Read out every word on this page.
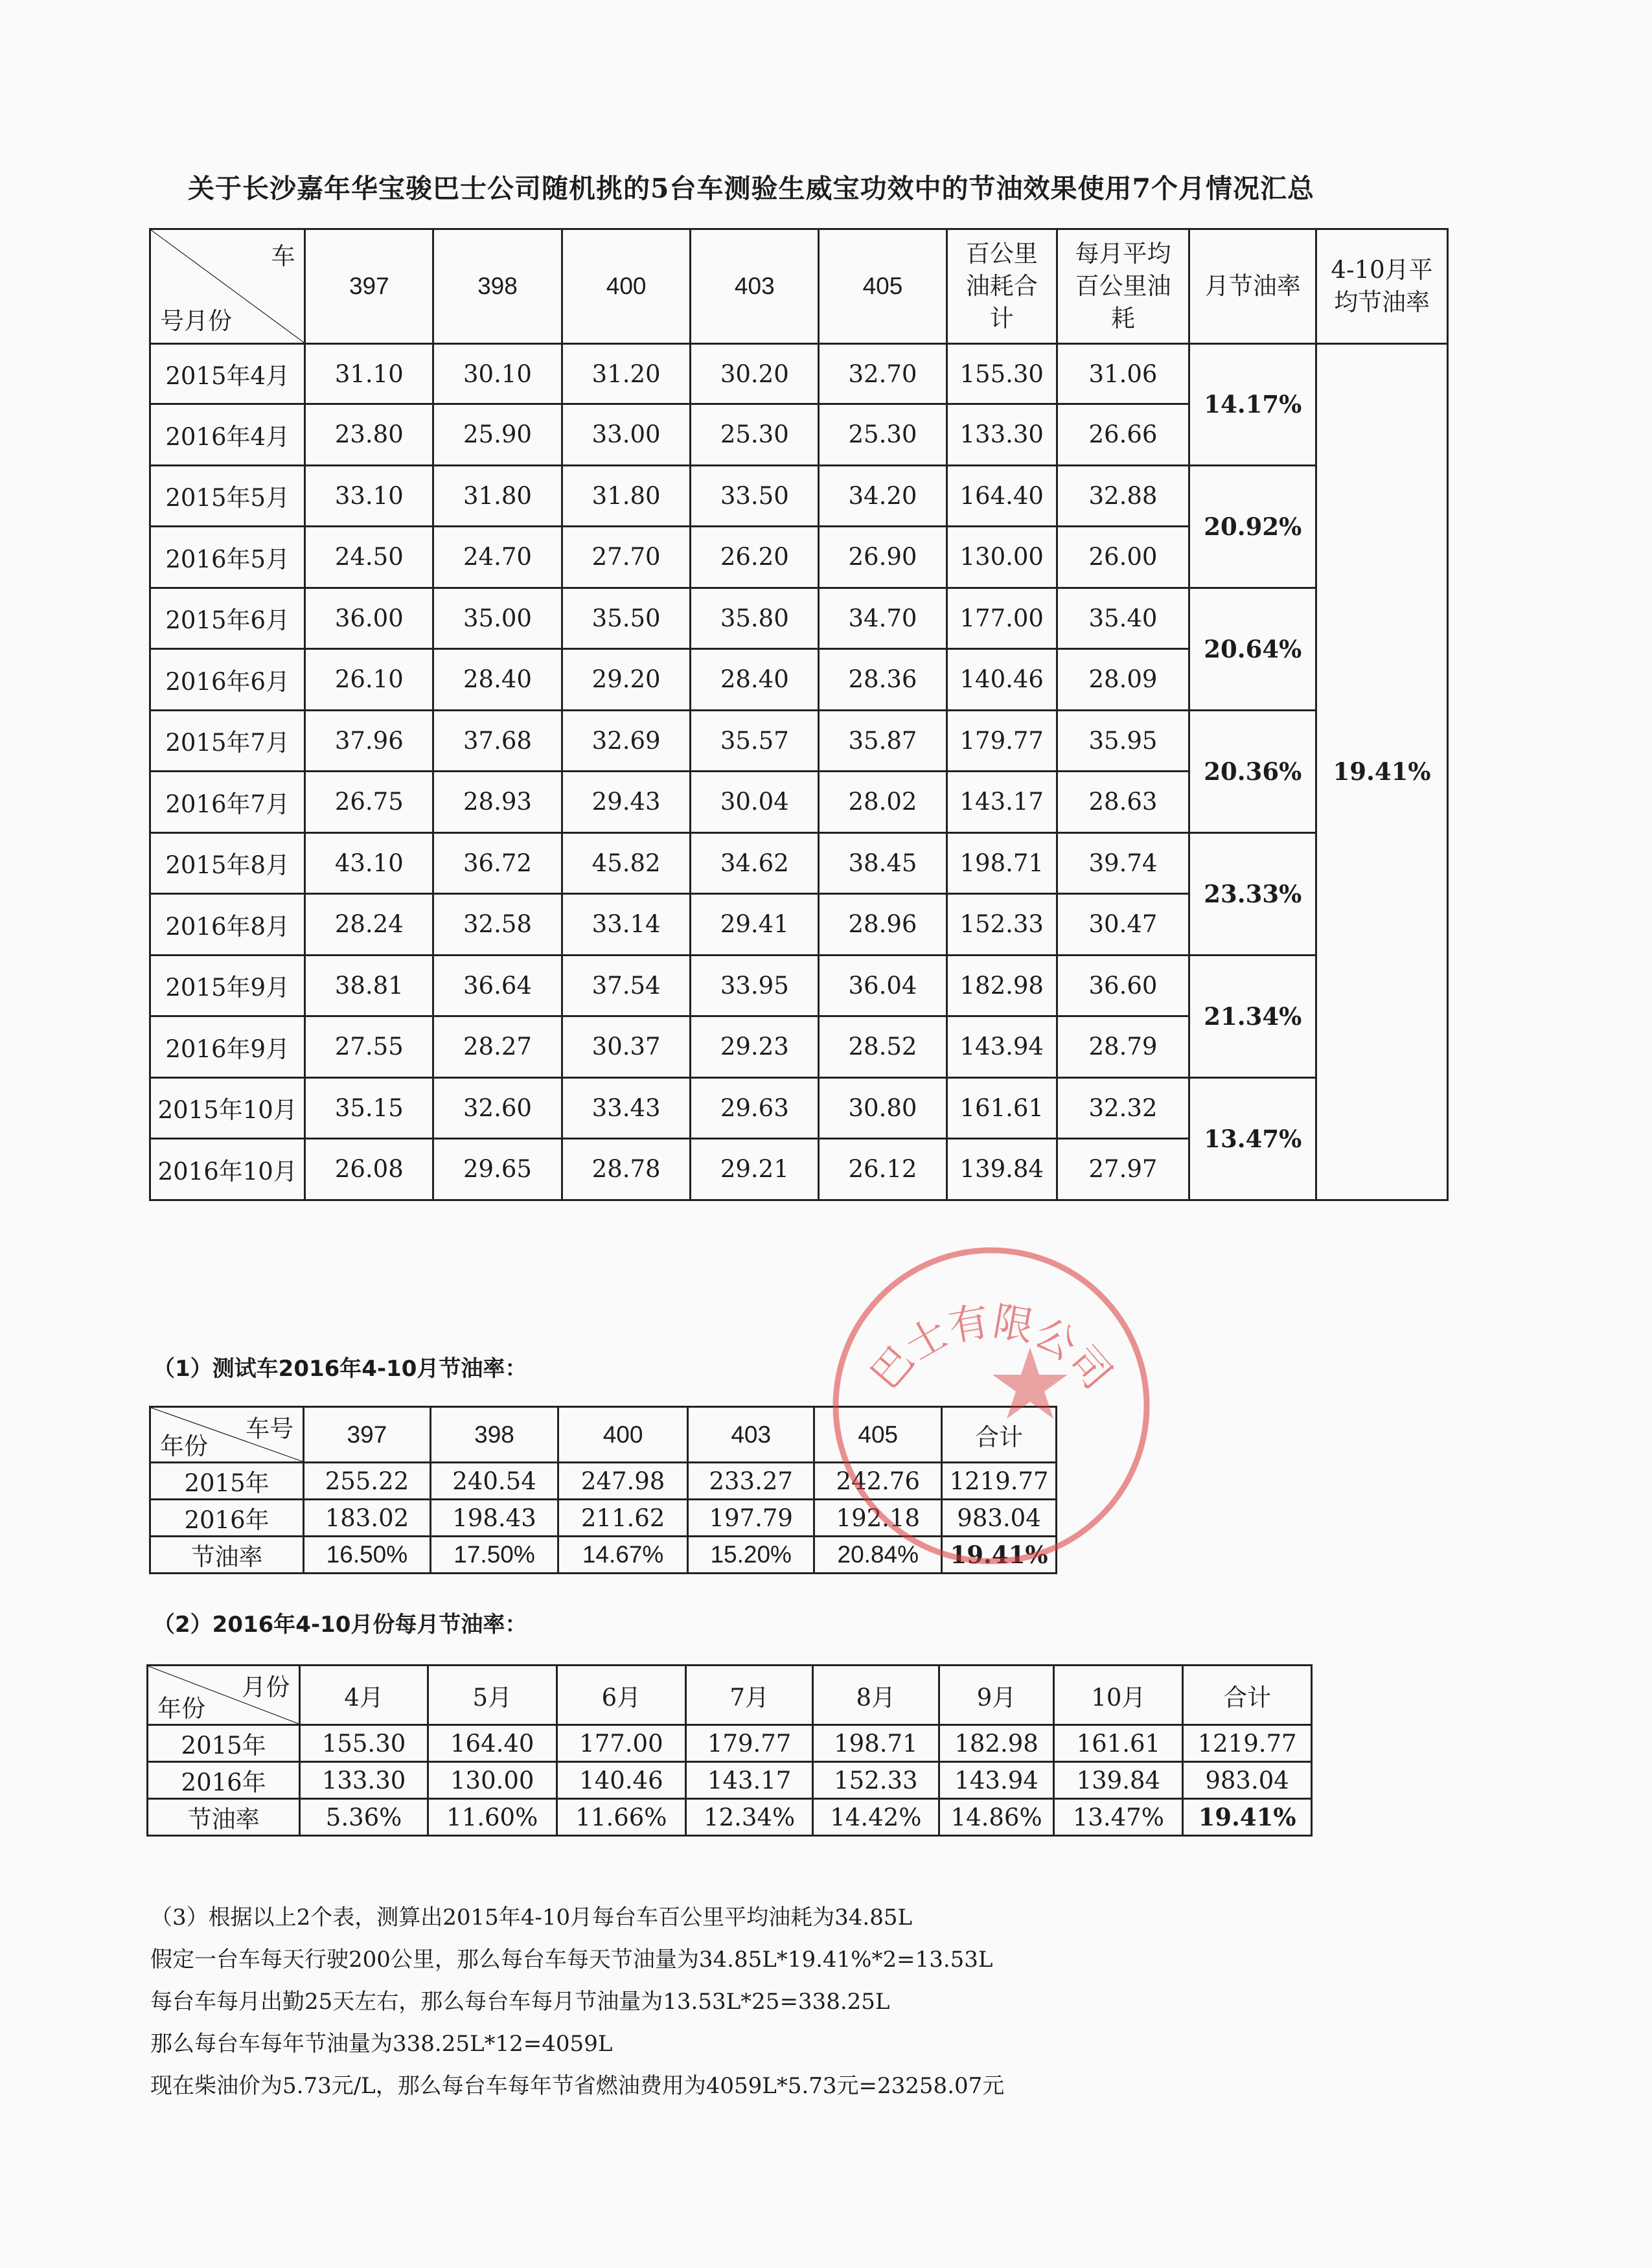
关于长沙嘉年华宝骏巴士公司随机挑的5台车测验生威宝功效中的节油效果使用7个月情况汇总
车
号月份	397	398	400	403	405	百公里油耗合计	每月平均百公里油耗	月节油率	4-10月平均节油率
2015年4月	31.10	30.10	31.20	30.20	32.70	155.30	31.06	14.17%	19.41%
2016年4月	23.80	25.90	33.00	25.30	25.30	133.30	26.66		
2015年5月	33.10	31.80	31.80	33.50	34.20	164.40	32.88	20.92%	
2016年5月	24.50	24.70	27.70	26.20	26.90	130.00	26.00		
2015年6月	36.00	35.00	35.50	35.80	34.70	177.00	35.40	20.64%	
2016年6月	26.10	28.40	29.20	28.40	28.36	140.46	28.09		
2015年7月	37.96	37.68	32.69	35.57	35.87	179.77	35.95	20.36%	
2016年7月	26.75	28.93	29.43	30.04	28.02	143.17	28.63		
2015年8月	43.10	36.72	45.82	34.62	38.45	198.71	39.74	23.33%	
2016年8月	28.24	32.58	33.14	29.41	28.96	152.33	30.47		
2015年9月	38.81	36.64	37.54	33.95	36.04	182.98	36.60	21.34%	
2016年9月	27.55	28.27	30.37	29.23	28.52	143.94	28.79		
2015年10月	35.15	32.60	33.43	29.63	30.80	161.61	32.32	13.47%	
2016年10月	26.08	29.65	28.78	29.21	26.12	139.84	27.97		
（1）测试车2016年4-10月节油率：
车号
年份	397	398	400	403	405	合计
2015年	255.22	240.54	247.98	233.27	242.76	1219.77
2016年	183.02	198.43	211.62	197.79	192.18	983.04
节油率	16.50%	17.50%	14.67%	15.20%	20.84%	19.41%
（2）2016年4-10月份每月节油率：
月份
年份	4月	5月	6月	7月	8月	9月	10月	合计
2015年	155.30	164.40	177.00	179.77	198.71	182.98	161.61	1219.77
2016年	133.30	130.00	140.46	143.17	152.33	143.94	139.84	983.04
节油率	5.36%	11.60%	11.66%	12.34%	14.42%	14.86%	13.47%	19.41%
（3）根据以上2个表，测算出2015年4-10月每台车百公里平均油耗为34.85L
假定一台车每天行驶200公里，那么每台车每天节油量为34.85L*19.41%*2=13.53L
每台车每月出勤25天左右，那么每台车每月节油量为13.53L*25=338.25L
那么每台车每年节油量为338.25L*12=4059L
现在柴油价为5.73元/L，那么每台车每年节省燃油费用为4059L*5.73元=23258.07元
巴士有限公司
